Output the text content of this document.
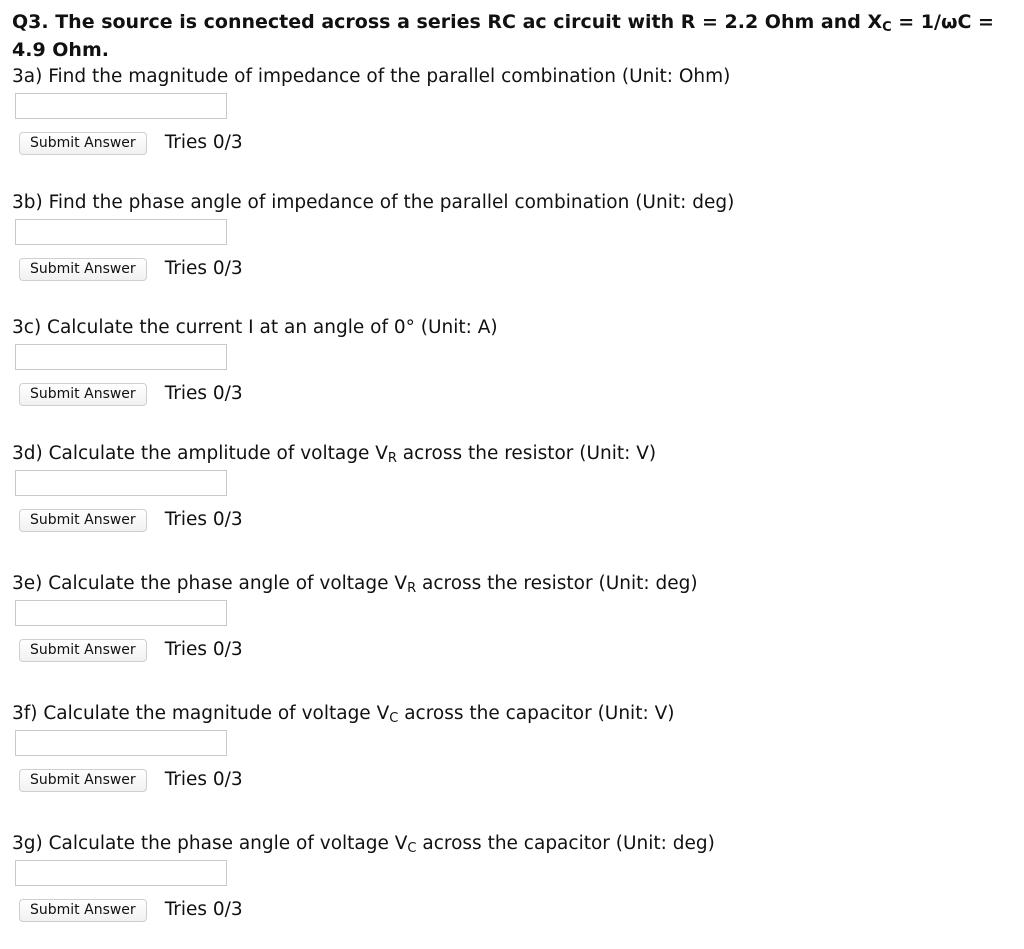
Q3. The source is connected across a series RC ac circuit with R = 2.2 Ohm and $X_C = 1/\omega C$ =
4.9 Ohm.
3a) Find the magnitude of impedance of the parallel combination (Unit: Ohm)
Submit Answer	Tries 0/3
3b) Find the phase angle of impedance of the parallel combination (Unit: deg)
Submit Answer	Tries 0/3
3c) Calculate the current I at an angle of 0° (Unit: A)
Submit Answer	Tries 0/3
3d) Calculate the amplitude of voltage $V_R$ across the resistor (Unit: V)
Submit Answer	Tries 0/3
3e) Calculate the phase angle of voltage $V_R$ across the resistor (Unit: deg)
Submit Answer	Tries 0/3
3f) Calculate the magnitude of voltage $V_C$ across the capacitor (Unit: V)
Submit Answer	Tries 0/3
3g) Calculate the phase angle of voltage $V_C$ across the capacitor (Unit: deg)
Submit Answer	Tries 0/3
